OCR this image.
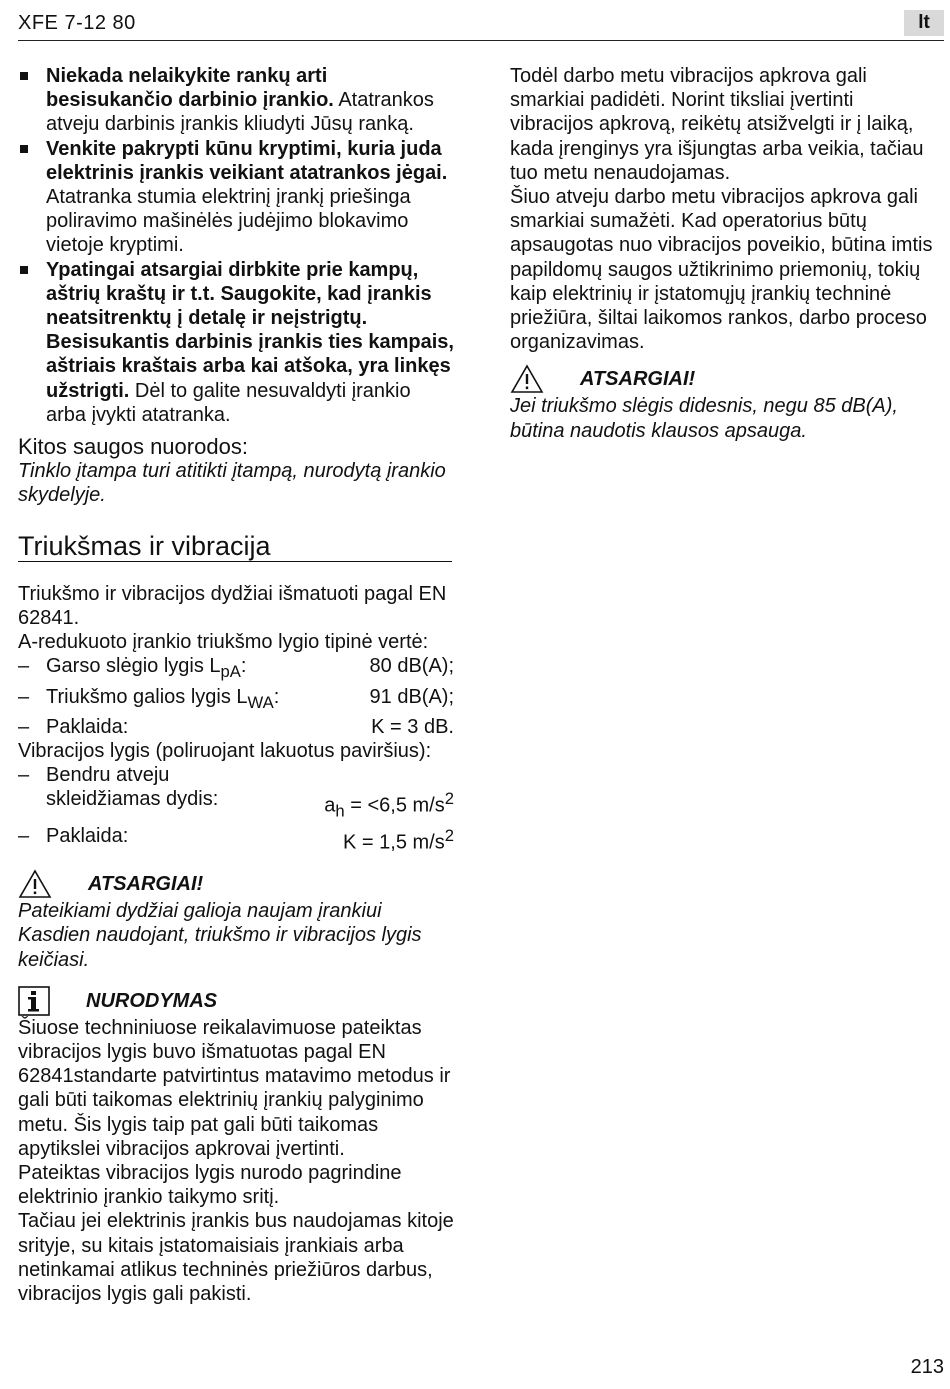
XFE 7-12 80	lt

Niekada nelaikykite rankų arti besisukančio darbinio įrankio. Atatrankos atveju darbinis įrankis kliudyti Jūsų ranką.

Venkite pakrypti kūnu kryptimi, kuria juda elektrinis įrankis veikiant atatrankos jėgai. Atatranka stumia elektrinį įrankį priešinga poliravimo mašinėlės judėjimo blokavimo vietoje kryptimi.

Ypatingai atsargiai dirbkite prie kampų, aštrių kraštų ir t.t. Saugokite, kad įrankis neatsitrenktų į detalę ir neįstrigtų. Besisukantis darbinis įrankis ties kampais, aštriais kraštais arba kai atšoka, yra linkęs užstrigti. Dėl to galite nesuvaldyti įrankio arba įvykti atatranka.

Kitos saugos nuorodos:

Tinklo įtampa turi atitikti įtampą, nurodytą įrankio skydelyje.

Triukšmas ir vibracija

Triukšmo ir vibracijos dydžiai išmatuoti pagal EN 62841.

A-redukuoto įrankio triukšmo lygio tipinė vertė:

– Garso slėgio lygis $L_{pA}$:	80 dB(A);
– Triukšmo galios lygis $L_{WA}$:	91 dB(A);
– Paklaida:	K = 3 dB.

Vibracijos lygis (poliruojant lakuotus paviršius):

– Bendru atveju
skleidžiamas dydis:	$a_h = <6,5$ $m/s^2$
– Paklaida:	K = 1,5 $m/s^2$
ATSARGIAI!

Pateikiami dydžiai galioja naujam įrankiui Kasdien naudojant, triukšmo ir vibracijos lygis keičiasi.

NURODYMAS

Šiuose techniniuose reikalavimuose pateiktas vibracijos lygis buvo išmatuotas pagal EN 62841standarte patvirtintus matavimo metodus ir gali būti taikomas elektrinių įrankių palyginimo metu. Šis lygis taip pat gali būti taikomas apytikslei vibracijos apkrovai įvertinti.

Pateiktas vibracijos lygis nurodo pagrindine elektrinio įrankio taikymo sritį.

Tačiau jei elektrinis įrankis bus naudojamas kitoje srityje, su kitais įstatomaisiais įrankiais arba netinkamai atlikus techninės priežiūros darbus, vibracijos lygis gali pakisti.

Todėl darbo metu vibracijos apkrova gali smarkiai padidėti. Norint tiksliai įvertinti vibracijos apkrovą, reikėtų atsižvelgti ir į laiką, kada įrenginys yra išjungtas arba veikia, tačiau tuo metu nenaudojamas.

Šiuo atveju darbo metu vibracijos apkrova gali smarkiai sumažėti. Kad operatorius būtų apsaugotas nuo vibracijos poveikio, būtina imtis papildomų saugos užtikrinimo priemonių, tokių kaip elektrinių ir įstatomųjų įrankių techninė priežiūra, šiltai laikomos rankos, darbo proceso organizavimas.

ATSARGIAI!

Jei triukšmo slėgis didesnis, negu 85 dB(A), būtina naudotis klausos apsauga.

213
